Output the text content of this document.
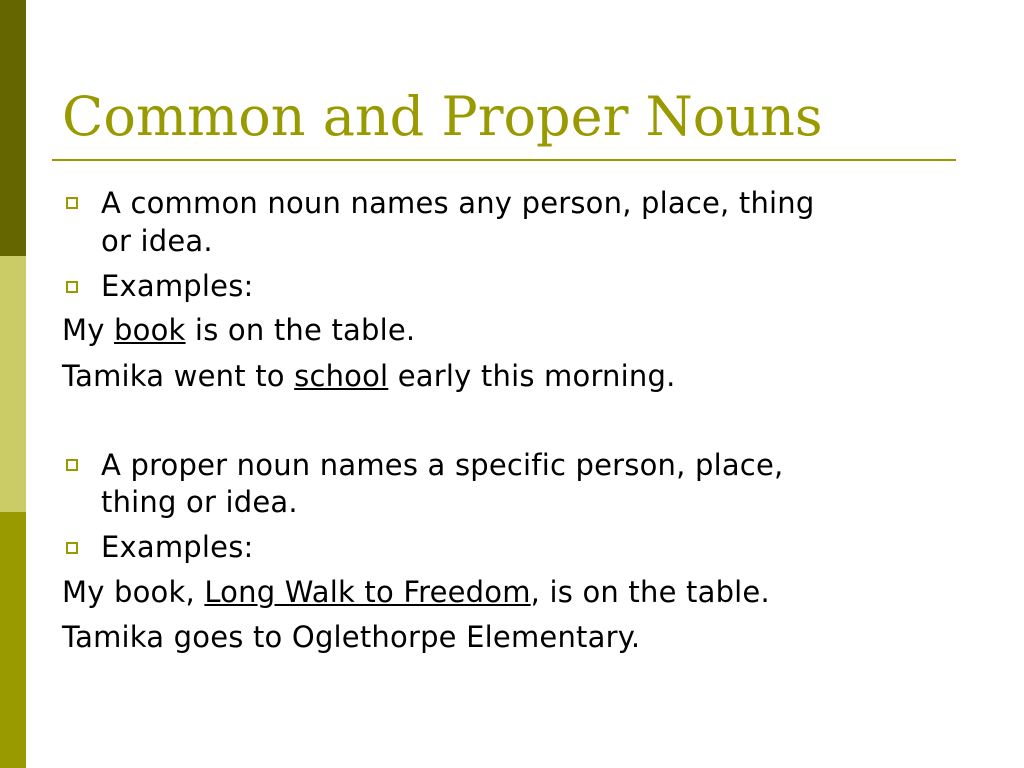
Common and Proper Nouns

A common noun names any person, place, thing

or idea.

Examples:

My book is on the table.

Tamika went to school early this morning.

A proper noun names a specific person, place,

thing or idea.

Examples:

My book, Long Walk to Freedom, is on the table.

Tamika goes to Oglethorpe Elementary.
